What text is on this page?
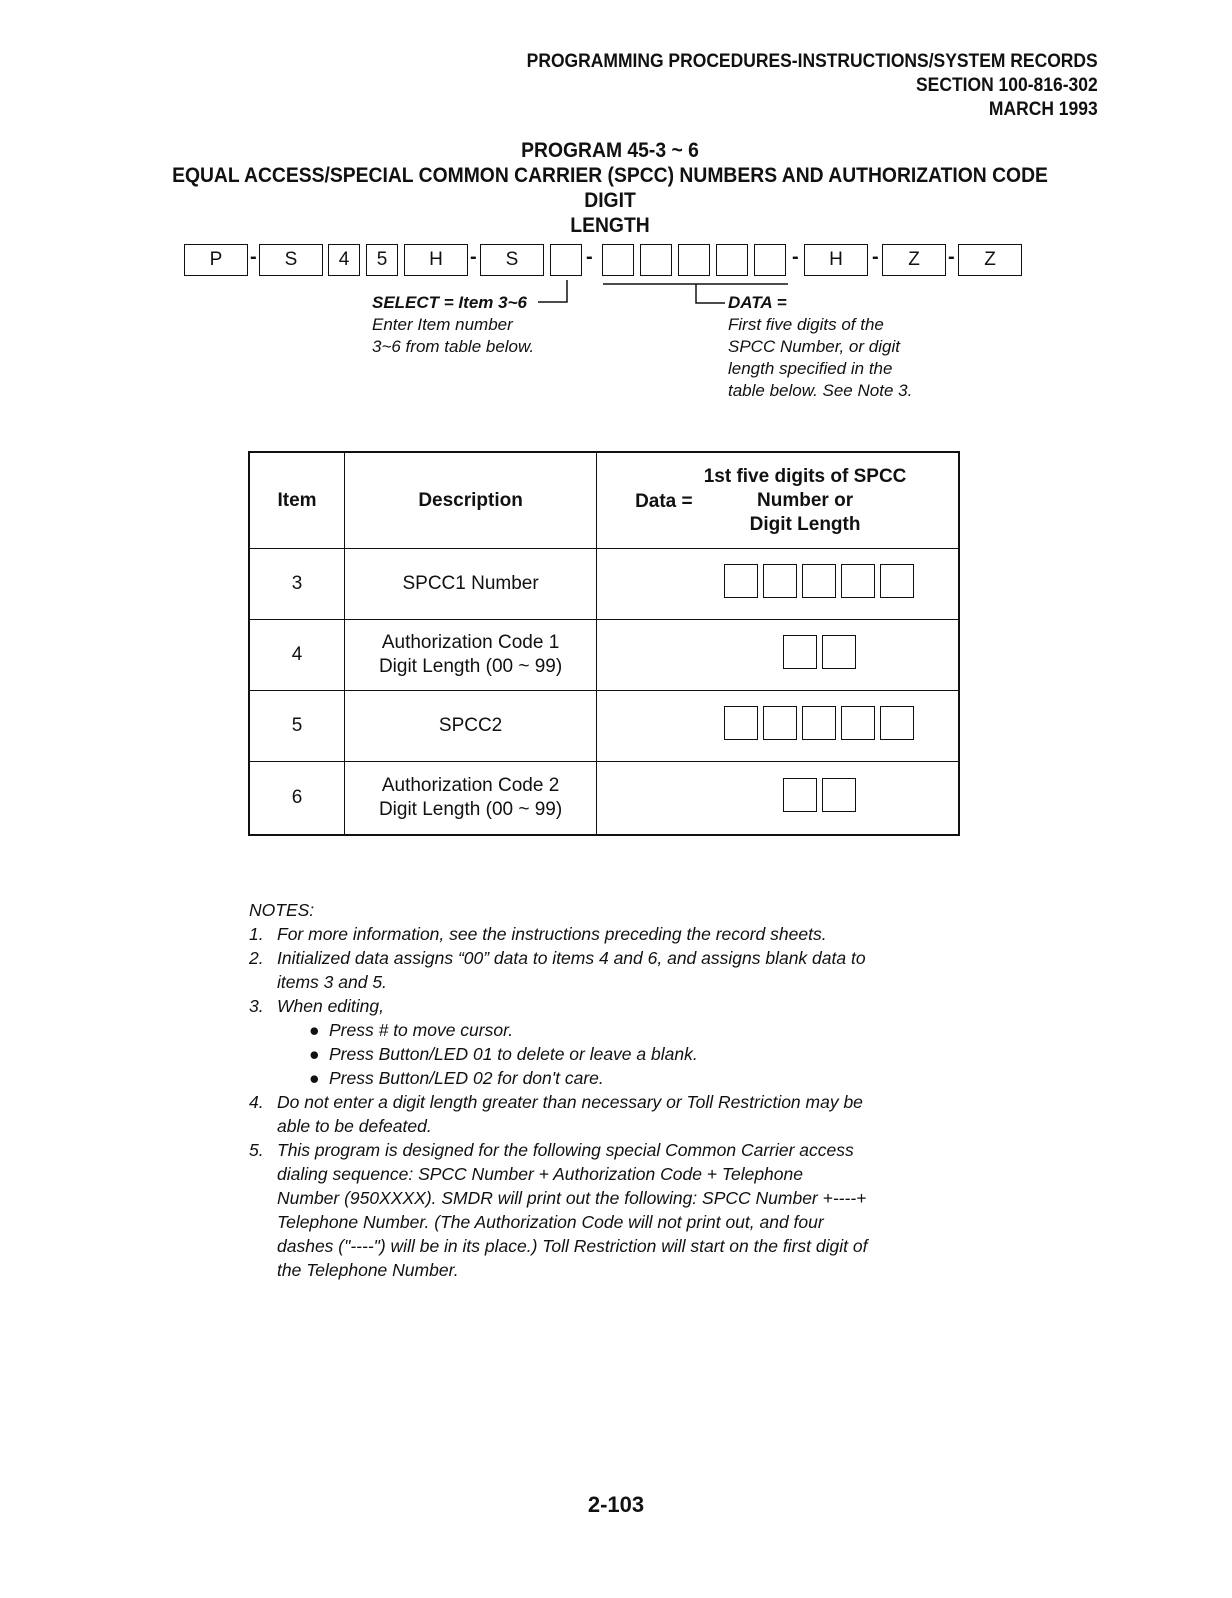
PROGRAMMING PROCEDURES-INSTRUCTIONS/SYSTEM RECORDS
SECTION 100-816-302
MARCH 1993
PROGRAM 45-3 ~ 6
EQUAL ACCESS/SPECIAL COMMON CARRIER (SPCC) NUMBERS AND AUTHORIZATION CODE DIGIT
LENGTH
P	-	S	4	5	H	-	S	-	-	H	-	Z	-	Z
SELECT = Item 3~6
Enter Item number
3~6 from table below.
DATA =
First five digits of the
SPCC Number, or digit
length specified in the
table below. See Note 3.
Item	Description	Data =
1st five digits of SPCC
Number or
Digit Length

3	SPCC1 Number	

4	Authorization Code 1
Digit Length (00 ~ 99)	

5	SPCC2	

6	Authorization Code 2
Digit Length (00 ~ 99)	

NOTES:
1. For more information, see the instructions preceding the record sheets.
2. Initialized data assigns “00” data to items 4 and 6, and assigns blank data to items 3 and 5.
3. When editing,
● Press # to move cursor.
● Press Button/LED 01 to delete or leave a blank.
● Press Button/LED 02 for don't care.
4. Do not enter a digit length greater than necessary or Toll Restriction may be able to be defeated.
5. This program is designed for the following special Common Carrier access dialing sequence: SPCC Number + Authorization Code + Telephone Number (950XXXX). SMDR will print out the following: SPCC Number +----+ Telephone Number. (The Authorization Code will not print out, and four dashes ("----") will be in its place.) Toll Restriction will start on the first digit of the Telephone Number.
2-103
